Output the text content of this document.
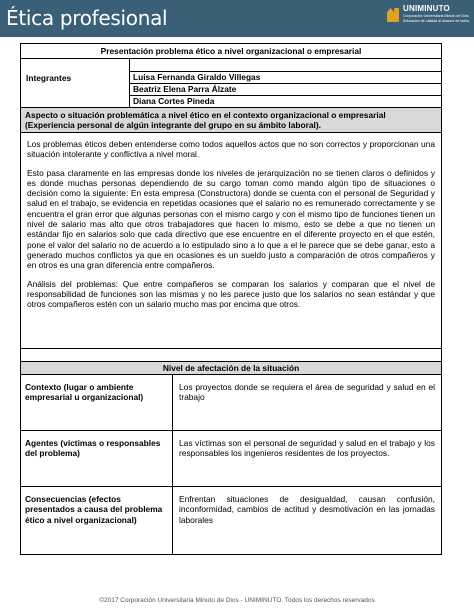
Ética profesional	UNIMINUTO
Corporación Universitaria Minuto de Dios
Educación de calidad al alcance de todos
Presentación problema ético a nivel organizacional o empresarial
Integrantes	Luisa Fernanda Giraldo Villegas
Beatriz Elena Parra Álzate
Diana Cortes Pineda
Aspecto o situación problemática a nivel ético en el contexto organizacional o empresarial (Experiencia personal de algún integrante del grupo en su ámbito laboral).

Los problemas éticos deben entenderse como todos aquellos actos que no son correctos y proporcionan una situación intolerante y conflictiva a nivel moral.

Esto pasa claramente en las empresas donde los niveles de jerarquización no se tienen claros o definidos y es donde muchas personas dependiendo de su cargo toman como mando algún tipo de situaciones o decisión como la siguiente: En esta empresa (Constructora) donde se cuenta con el personal de Seguridad y salud en el trabajo, se evidencia en repetidas ocasiones que el salario no es remunerado correctamente y se encuentra el gran error que algunas personas con el mismo cargo y con el mismo tipo de funciones tienen un nivel de salario mas alto que otros trabajadores que hacen lo mismo, esto se debe a que no tienen un estándar fijo en salarios solo que cada directivo que ese encuentre en el diferente proyecto en el que estén, pone el valor del salario no de acuerdo a lo estipulado sino a lo que a el le parece que se debe ganar, esto a generado muchos conflictos ya que en ocasiones es un sueldo justo a comparación de otros compañeros y en otros es una gran diferencia entre compañeros.

Análisis del problemas: Que entre compañeros se comparan los salarios y comparan que el nivel de responsabilidad de funciones son las mismas y no les parece justo que los salarios no sean estándar y que otros compañeros estén con un salario mucho mas por encima que otros.

Nivel de afectación de la situación
Contexto (lugar o ambiente empresarial u organizacional)
Los proyectos donde se requiera el área de seguridad y salud en el trabajo
Agentes (víctimas o responsables del problema)
Las víctimas son el personal de seguridad y salud en el trabajo y los responsables los ingenieros residentes de los proyectos.
Consecuencias (efectos presentados a causa del problema ético a nivel organizacional)
Enfrentan situaciones de desigualdad, causan confusión, inconformidad, cambios de actitud y desmotivación en las jornadas laborales
©2017 Corporación Universitaria Minuto de Dios - UNIMINUTO. Todos los derechos reservados
